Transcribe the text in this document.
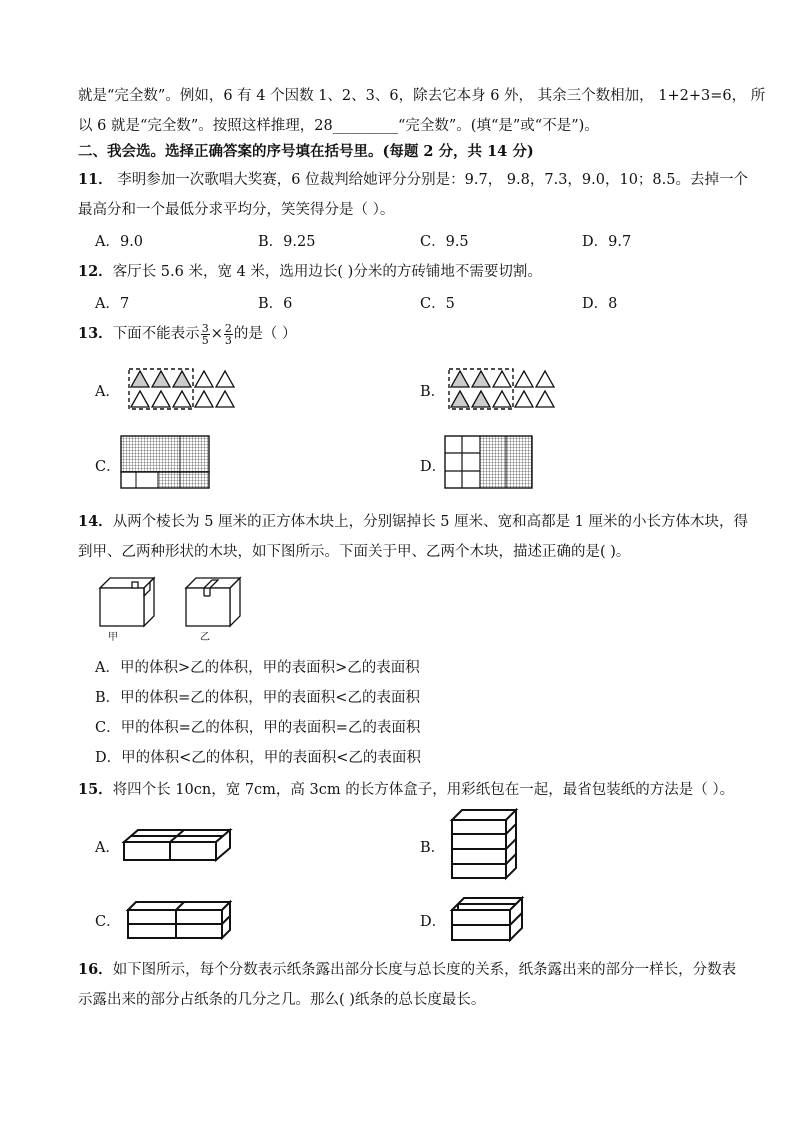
就是“完全数”。例如，6 有 4 个因数 1、2、3、6，除去它本身 6 外， 其余三个数相加， 1+2+3=6， 所
以 6 就是“完全数”。按照这样推理，28_________“完全数”。(填“是”或“不是”)。
二、我会选。选择正确答案的序号填在括号里。(每题 2 分，共 14 分)
11． 李明参加一次歌唱大奖赛，6 位裁判给她评分分别是：9.7， 9.8，7.3，9.0，10；8.5。去掉一个
最高分和一个最低分求平均分，笑笑得分是（ ）。
A．9.0	B．9.25	C．9.5	D．9.7
12．客厅长 5.6 米，宽 4 米，选用边长( )分米的方砖铺地不需要切割。
A．7	B．6	C．5	D．8
13．下面不能表示 $\frac{3}{5} \times \frac{2}{3}$ 的是（ ）
A．	B．
C．	D．
14．从两个棱长为 5 厘米的正方体木块上，分别锯掉长 5 厘米、宽和高都是 1 厘米的小长方体木块，得
到甲、乙两种形状的木块，如下图所示。下面关于甲、乙两个木块，描述正确的是( )。
甲	乙
A．甲的体积>乙的体积，甲的表面积>乙的表面积
B．甲的体积=乙的体积，甲的表面积<乙的表面积
C．甲的体积=乙的体积，甲的表面积=乙的表面积
D．甲的体积<乙的体积，甲的表面积<乙的表面积
15．将四个长 10cn，宽 7cm，高 3cm 的长方体盒子，用彩纸包在一起，最省包装纸的方法是（ ）。
A．	B．
C．	D．
16．如下图所示，每个分数表示纸条露出部分长度与总长度的关系，纸条露出来的部分一样长，分数表
示露出来的部分占纸条的几分之几。那么( )纸条的总长度最长。
